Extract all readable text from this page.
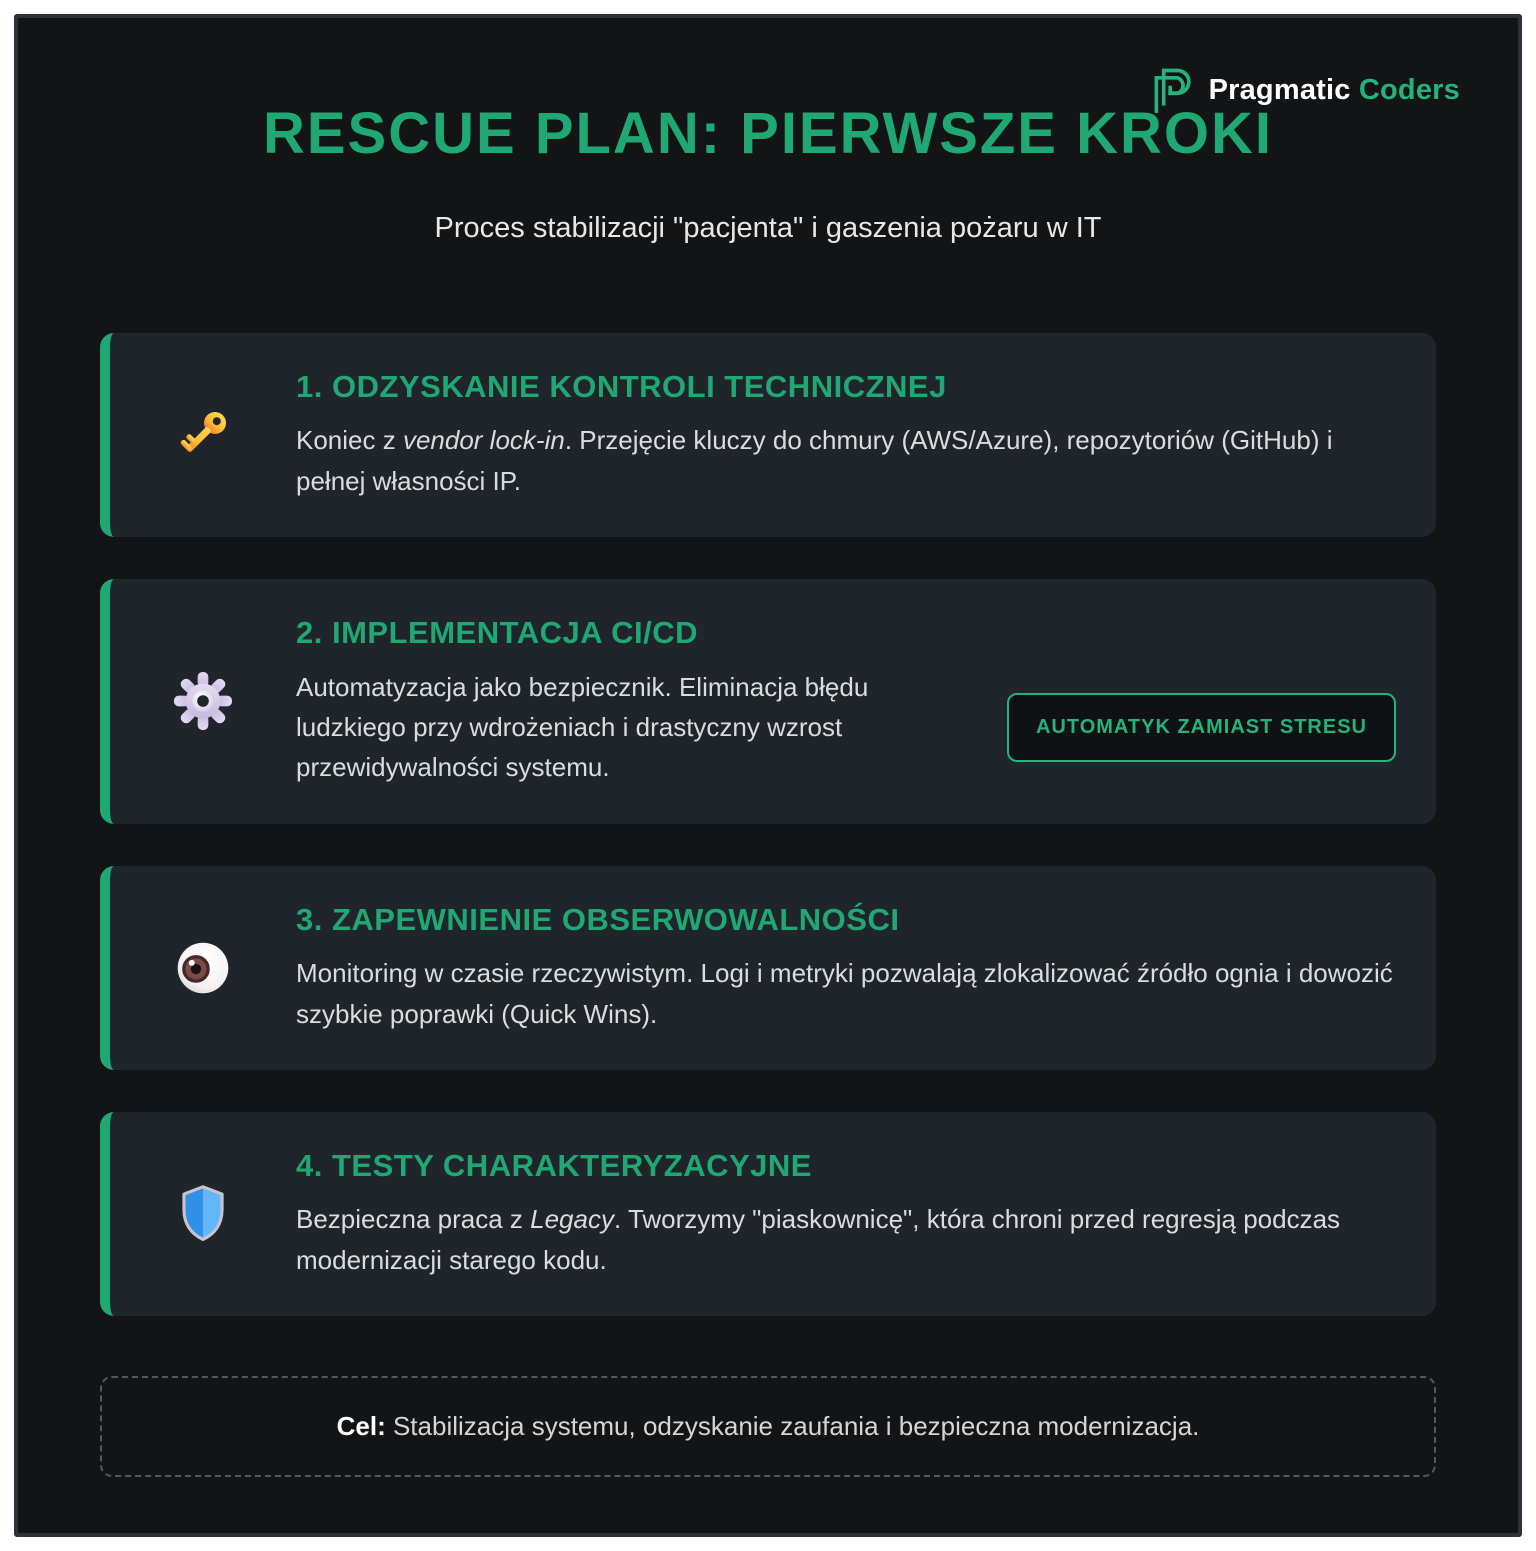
Pragmatic Coders
RESCUE PLAN: PIERWSZE KROKI

Proces stabilizacji "pacjenta" i gaszenia pożaru w IT

1. ODZYSKANIE KONTROLI TECHNICZNEJ

Koniec z vendor lock-in. Przejęcie kluczy do chmury (AWS/Azure), repozytoriów (GitHub) i pełnej własności IP.

2. IMPLEMENTACJA CI/CD

Automatyzacja jako bezpiecznik. Eliminacja błędu ludzkiego przy wdrożeniach i drastyczny wzrost przewidywalności systemu.

AUTOMATYK ZAMIAST STRESU
3. ZAPEWNIENIE OBSERWOWALNOŚCI

Monitoring w czasie rzeczywistym. Logi i metryki pozwalają zlokalizować źródło ognia i dowozić szybkie poprawki (Quick Wins).

4. TESTY CHARAKTERYZACYJNE

Bezpieczna praca z Legacy. Tworzymy "piaskownicę", która chroni przed regresją podczas modernizacji starego kodu.

Cel: Stabilizacja systemu, odzyskanie zaufania i bezpieczna modernizacja.
